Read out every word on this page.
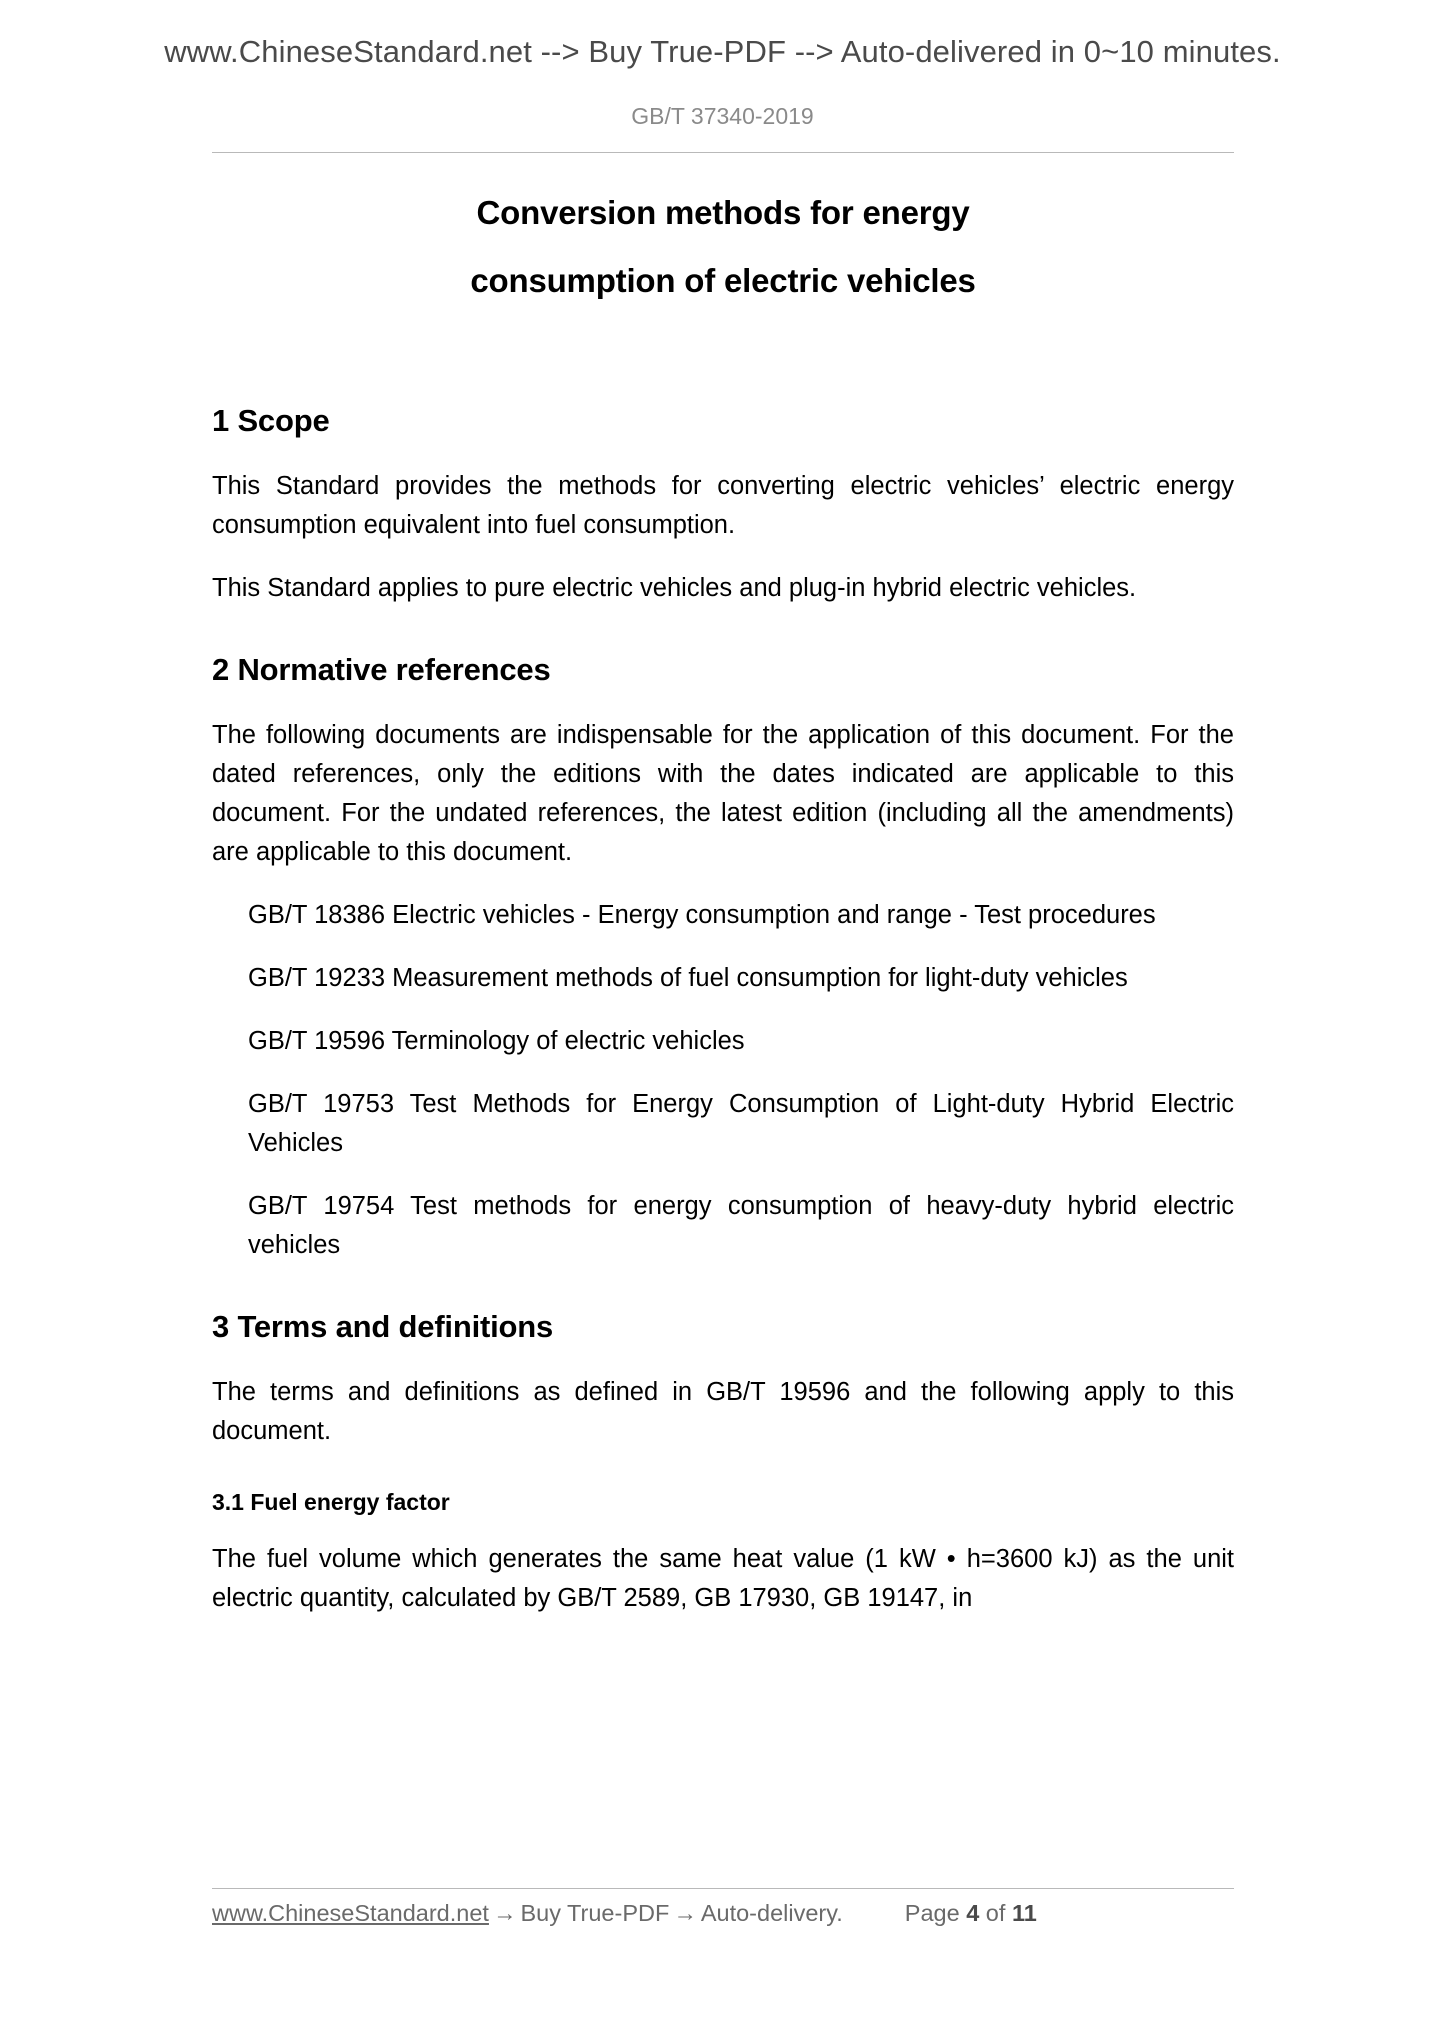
www.ChineseStandard.net --> Buy True-PDF --> Auto-delivered in 0~10 minutes.
GB/T 37340-2019
Conversion methods for energy
consumption of electric vehicles
1 Scope

This Standard provides the methods for converting electric vehicles’ electric energy consumption equivalent into fuel consumption.

This Standard applies to pure electric vehicles and plug-in hybrid electric vehicles.

2 Normative references

The following documents are indispensable for the application of this document. For the dated references, only the editions with the dates indicated are applicable to this document. For the undated references, the latest edition (including all the amendments) are applicable to this document.

GB/T 18386 Electric vehicles - Energy consumption and range - Test procedures

GB/T 19233 Measurement methods of fuel consumption for light-duty vehicles

GB/T 19596 Terminology of electric vehicles

GB/T 19753 Test Methods for Energy Consumption of Light-duty Hybrid Electric Vehicles

GB/T 19754 Test methods for energy consumption of heavy-duty hybrid electric vehicles

3 Terms and definitions

The terms and definitions as defined in GB/T 19596 and the following apply to this document.

3.1 Fuel energy factor

The fuel volume which generates the same heat value (1 kW • h=3600 kJ) as the unit electric quantity, calculated by GB/T 2589, GB 17930, GB 19147, in

www.ChineseStandard.net → Buy True-PDF → Auto-delivery.	Page 4 of 11
